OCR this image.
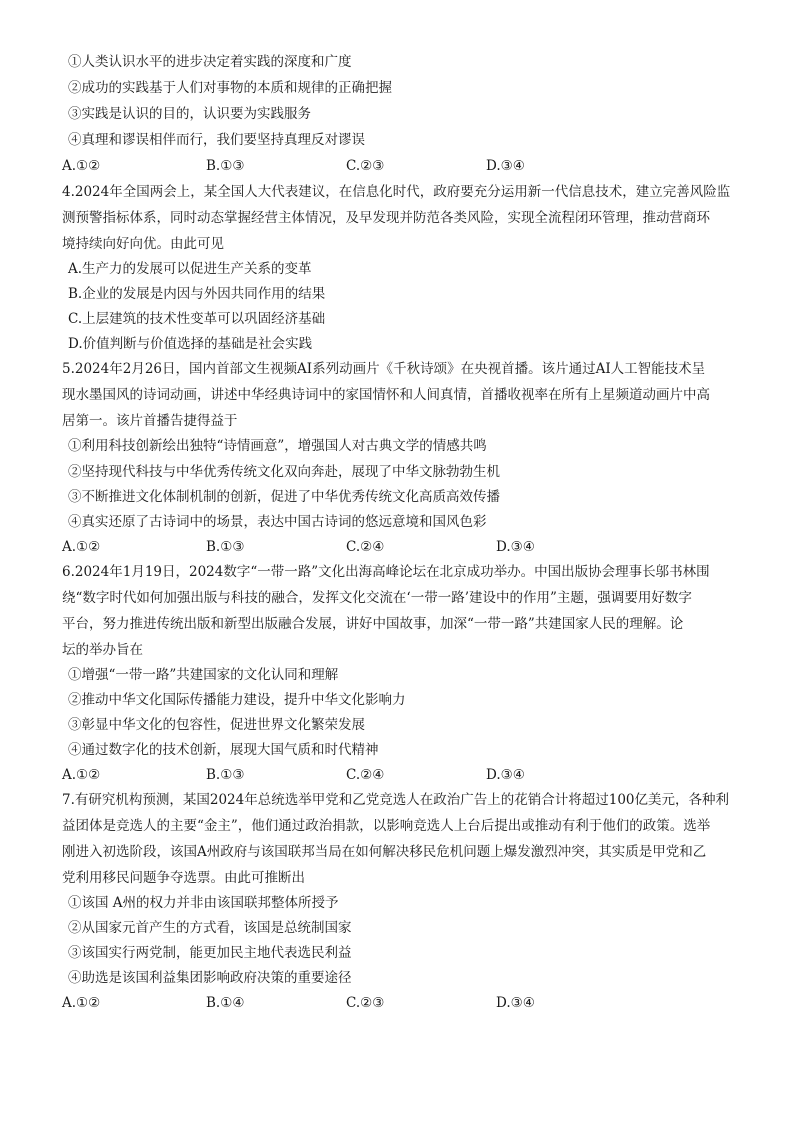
①人类认识水平的进步决定着实践的深度和广度
②成功的实践基于人们对事物的本质和规律的正确把握
③实践是认识的目的，认识要为实践服务
④真理和谬误相伴而行，我们要坚持真理反对谬误
A.①②	B.①③	C.②③	D.③④
4.2024年全国两会上，某全国人大代表建议，在信息化时代，政府要充分运用新一代信息技术，建立完善风险监
测预警指标体系，同时动态掌握经营主体情况，及早发现并防范各类风险，实现全流程闭环管理，推动营商环
境持续向好向优。由此可见
A.生产力的发展可以促进生产关系的变革
B.企业的发展是内因与外因共同作用的结果
C.上层建筑的技术性变革可以巩固经济基础
D.价值判断与价值选择的基础是社会实践
5.2024年2月26日，国内首部文生视频AI系列动画片《千秋诗颂》在央视首播。该片通过AI人工智能技术呈
现水墨国风的诗词动画，讲述中华经典诗词中的家国情怀和人间真情，首播收视率在所有上星频道动画片中高
居第一。该片首播告捷得益于
①利用科技创新绘出独特“诗情画意”，增强国人对古典文学的情感共鸣
②坚持现代科技与中华优秀传统文化双向奔赴，展现了中华文脉勃勃生机
③不断推进文化体制机制的创新，促进了中华优秀传统文化高质高效传播
④真实还原了古诗词中的场景，表达中国古诗词的悠远意境和国风色彩
A.①②	B.①③	C.②④	D.③④
6.2024年1月19日，2024数字“一带一路”文化出海高峰论坛在北京成功举办。中国出版协会理事长邬书林围
绕“数字时代如何加强出版与科技的融合，发挥文化交流在‘一带一路’建设中的作用”主题，强调要用好数字
平台，努力推进传统出版和新型出版融合发展，讲好中国故事，加深“一带一路”共建国家人民的理解。论
坛的举办旨在
①增强“一带一路”共建国家的文化认同和理解
②推动中华文化国际传播能力建设，提升中华文化影响力
③彰显中华文化的包容性，促进世界文化繁荣发展
④通过数字化的技术创新，展现大国气质和时代精神
A.①②	B.①③	C.②④	D.③④
7.有研究机构预测，某国2024年总统选举甲党和乙党竞选人在政治广告上的花销合计将超过100亿美元，各种利
益团体是竞选人的主要“金主”，他们通过政治捐款，以影响竞选人上台后提出或推动有利于他们的政策。选举
刚进入初选阶段，该国A州政府与该国联邦当局在如何解决移民危机问题上爆发激烈冲突，其实质是甲党和乙
党利用移民问题争夺选票。由此可推断出
①该国 A州的权力并非由该国联邦整体所授予
②从国家元首产生的方式看，该国是总统制国家
③该国实行两党制，能更加民主地代表选民利益
④助选是该国利益集团影响政府决策的重要途径
A.①②	B.①④	C.②③	D.③④
